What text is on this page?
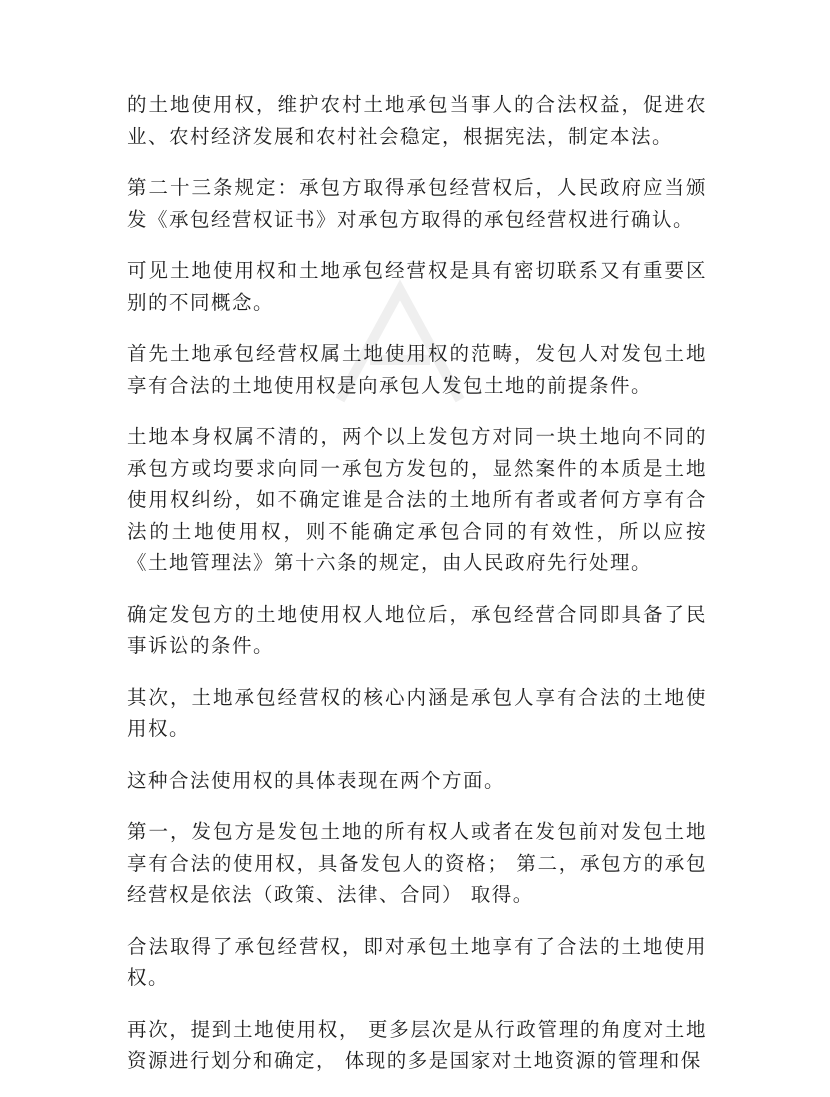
的土地使用权，维护农村土地承包当事人的合法权益，促进农业、农村经济发展和农村社会稳定，根据宪法，制定本法。

第二十三条规定：承包方取得承包经营权后，人民政府应当颁发《承包经营权证书》对承包方取得的承包经营权进行确认。

可见土地使用权和土地承包经营权是具有密切联系又有重要区别的不同概念。

首先土地承包经营权属土地使用权的范畴，发包人对发包土地享有合法的土地使用权是向承包人发包土地的前提条件。

土地本身权属不清的，两个以上发包方对同一块土地向不同的承包方或均要求向同一承包方发包的，显然案件的本质是土地使用权纠纷，如不确定谁是合法的土地所有者或者何方享有合法的土地使用权，则不能确定承包合同的有效性，所以应按《土地管理法》第十六条的规定，由人民政府先行处理。

确定发包方的土地使用权人地位后，承包经营合同即具备了民事诉讼的条件。

其次，土地承包经营权的核心内涵是承包人享有合法的土地使用权。

这种合法使用权的具体表现在两个方面。

第一，发包方是发包土地的所有权人或者在发包前对发包土地享有合法的使用权，具备发包人的资格； 第二，承包方的承包经营权是依法（政策、法律、合同） 取得。

合法取得了承包经营权，即对承包土地享有了合法的土地使用权。

再次，提到土地使用权， 更多层次是从行政管理的角度对土地资源进行划分和确定， 体现的多是国家对土地资源的管理和保
